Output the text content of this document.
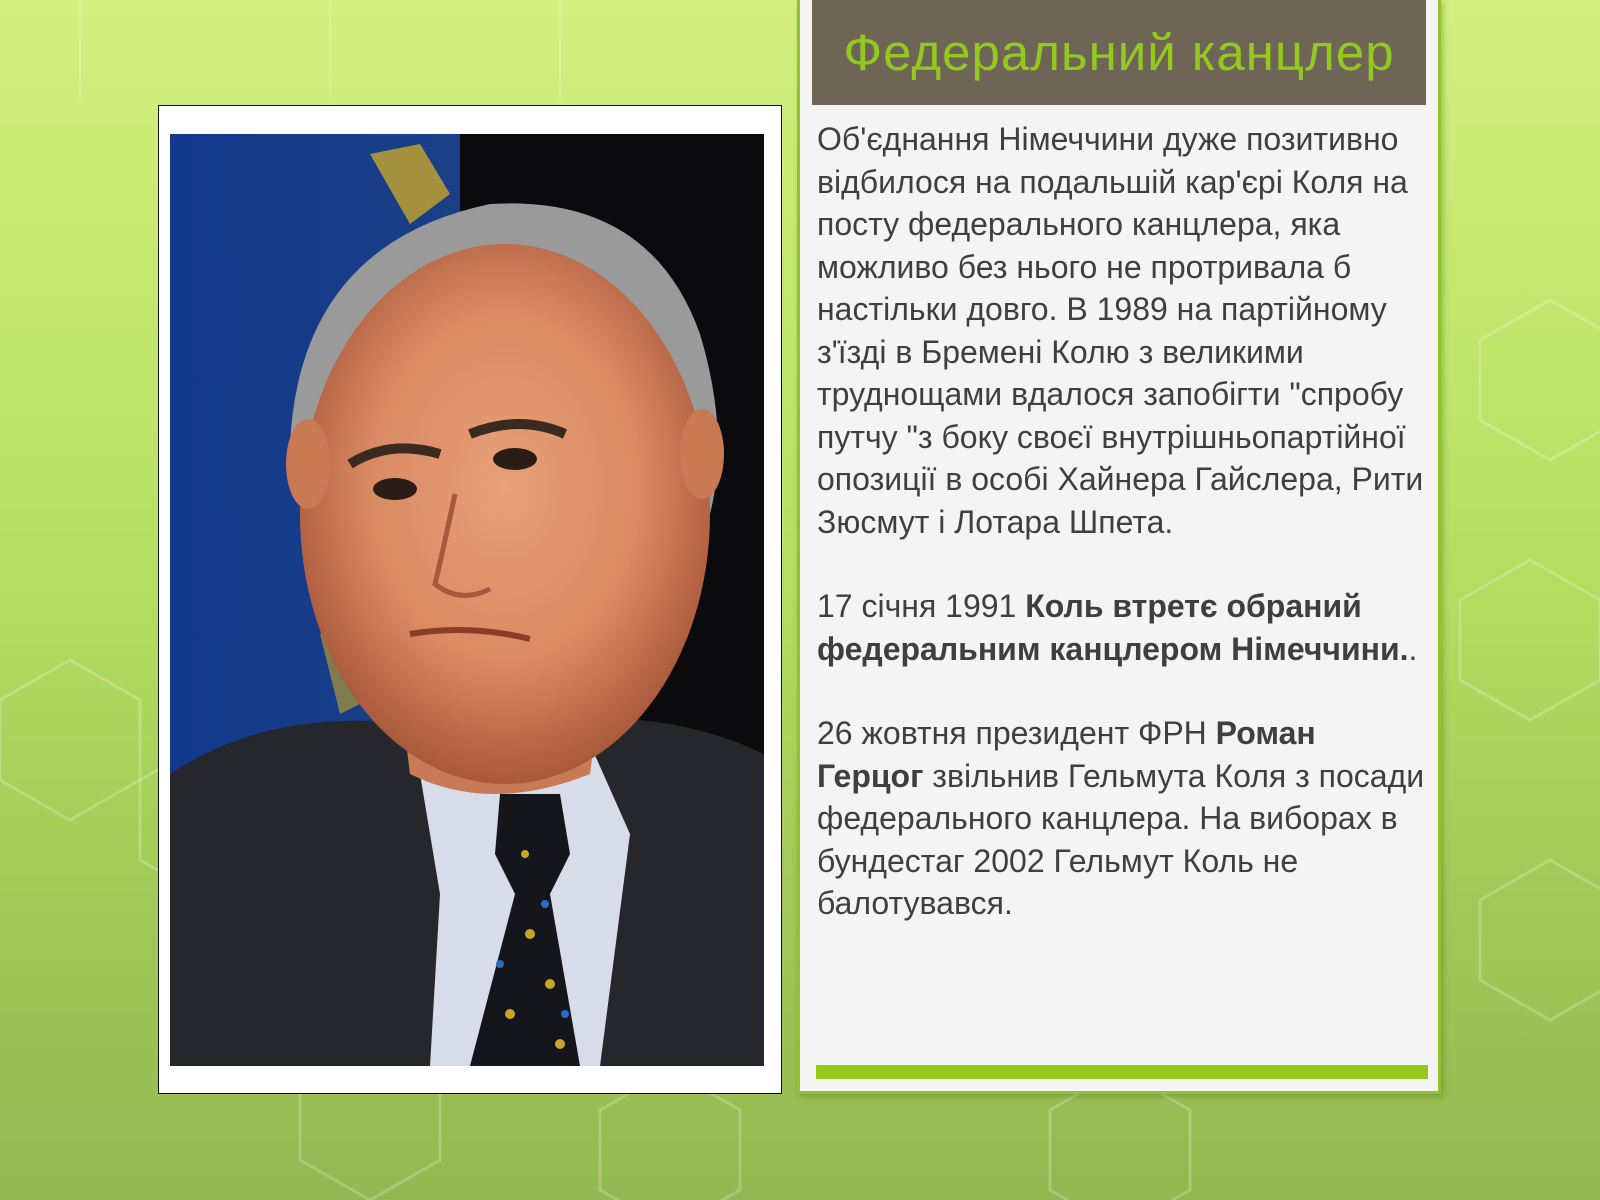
Федеральний канцлер

Об'єднання Німеччини дуже позитивно відбилося на подальшій кар'єрі Коля на посту федерального канцлера, яка можливо без нього не протривала б настільки довго. В 1989 на партійному з'їзді в Бремені Колю з великими труднощами вдалося запобігти "спробу путчу "з боку своєї внутрішньопартійної опозиції в особі Хайнера Гайслера, Рити Зюсмут і Лотара Шпета.

17 січня 1991 Коль втретє обраний федеральним канцлером Німеччини..

26 жовтня президент ФРН Роман Герцог звільнив Гельмута Коля з посади федерального канцлера. На виборах в бундестаг 2002 Гельмут Коль не балотувався.
